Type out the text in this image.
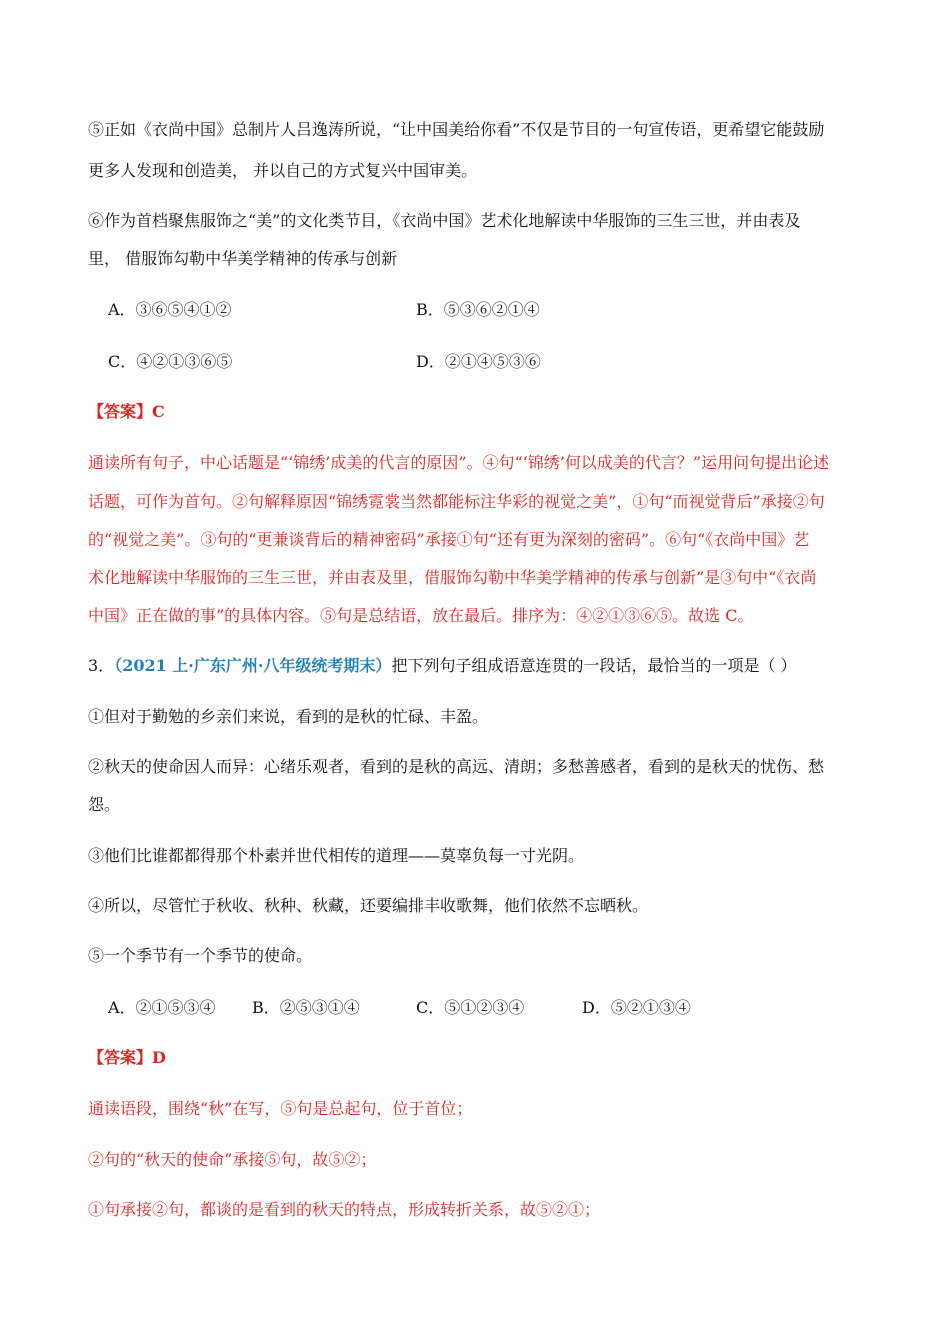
⑤正如《衣尚中国》总制片人吕逸涛所说，“让中国美给你看”不仅是节目的一句宣传语，更希望它能鼓励
更多人发现和创造美， 并以自己的方式复兴中国审美。
⑥作为首档聚焦服饰之“美”的文化类节目，《衣尚中国》艺术化地解读中华服饰的三生三世，并由表及
里， 借服饰勾勒中华美学精神的传承与创新
A．③⑥⑤④①②	B．⑤③⑥②①④
C．④②①③⑥⑤	D．②①④⑤③⑥
【答案】C
通读所有句子，中心话题是“‘锦绣’成美的代言的原因”。④句“‘锦绣’何以成美的代言？”运用问句提出论述
话题，可作为首句。②句解释原因“锦绣霓裳当然都能标注华彩的视觉之美”，①句“而视觉背后”承接②句
的“视觉之美”。③句的“更兼谈背后的精神密码”承接①句“还有更为深刻的密码”。⑥句“《衣尚中国》艺
术化地解读中华服饰的三生三世，并由表及里，借服饰勾勒中华美学精神的传承与创新”是③句中“《衣尚
中国》正在做的事”的具体内容。⑤句是总结语，放在最后。排序为：④②①③⑥⑤。故选 C。
3．（2021 上·广东广州·八年级统考期末）把下列句子组成语意连贯的一段话，最恰当的一项是（ ）
①但对于勤勉的乡亲们来说，看到的是秋的忙碌、丰盈。
②秋天的使命因人而异：心绪乐观者，看到的是秋的高远、清朗；多愁善感者，看到的是秋天的忧伤、愁
怨。
③他们比谁都都得那个朴素并世代相传的道理——莫辜负每一寸光阴。
④所以，尽管忙于秋收、秋种、秋藏，还要编排丰收歌舞，他们依然不忘晒秋。
⑤一个季节有一个季节的使命。
A．②①⑤③④ B．②⑤③①④	C．⑤①②③④	D．⑤②①③④
【答案】D
通读语段，围绕“秋”在写，⑤句是总起句，位于首位；
②句的“秋天的使命”承接⑤句，故⑤②；
①句承接②句，都谈的是看到的秋天的特点，形成转折关系，故⑤②①；
